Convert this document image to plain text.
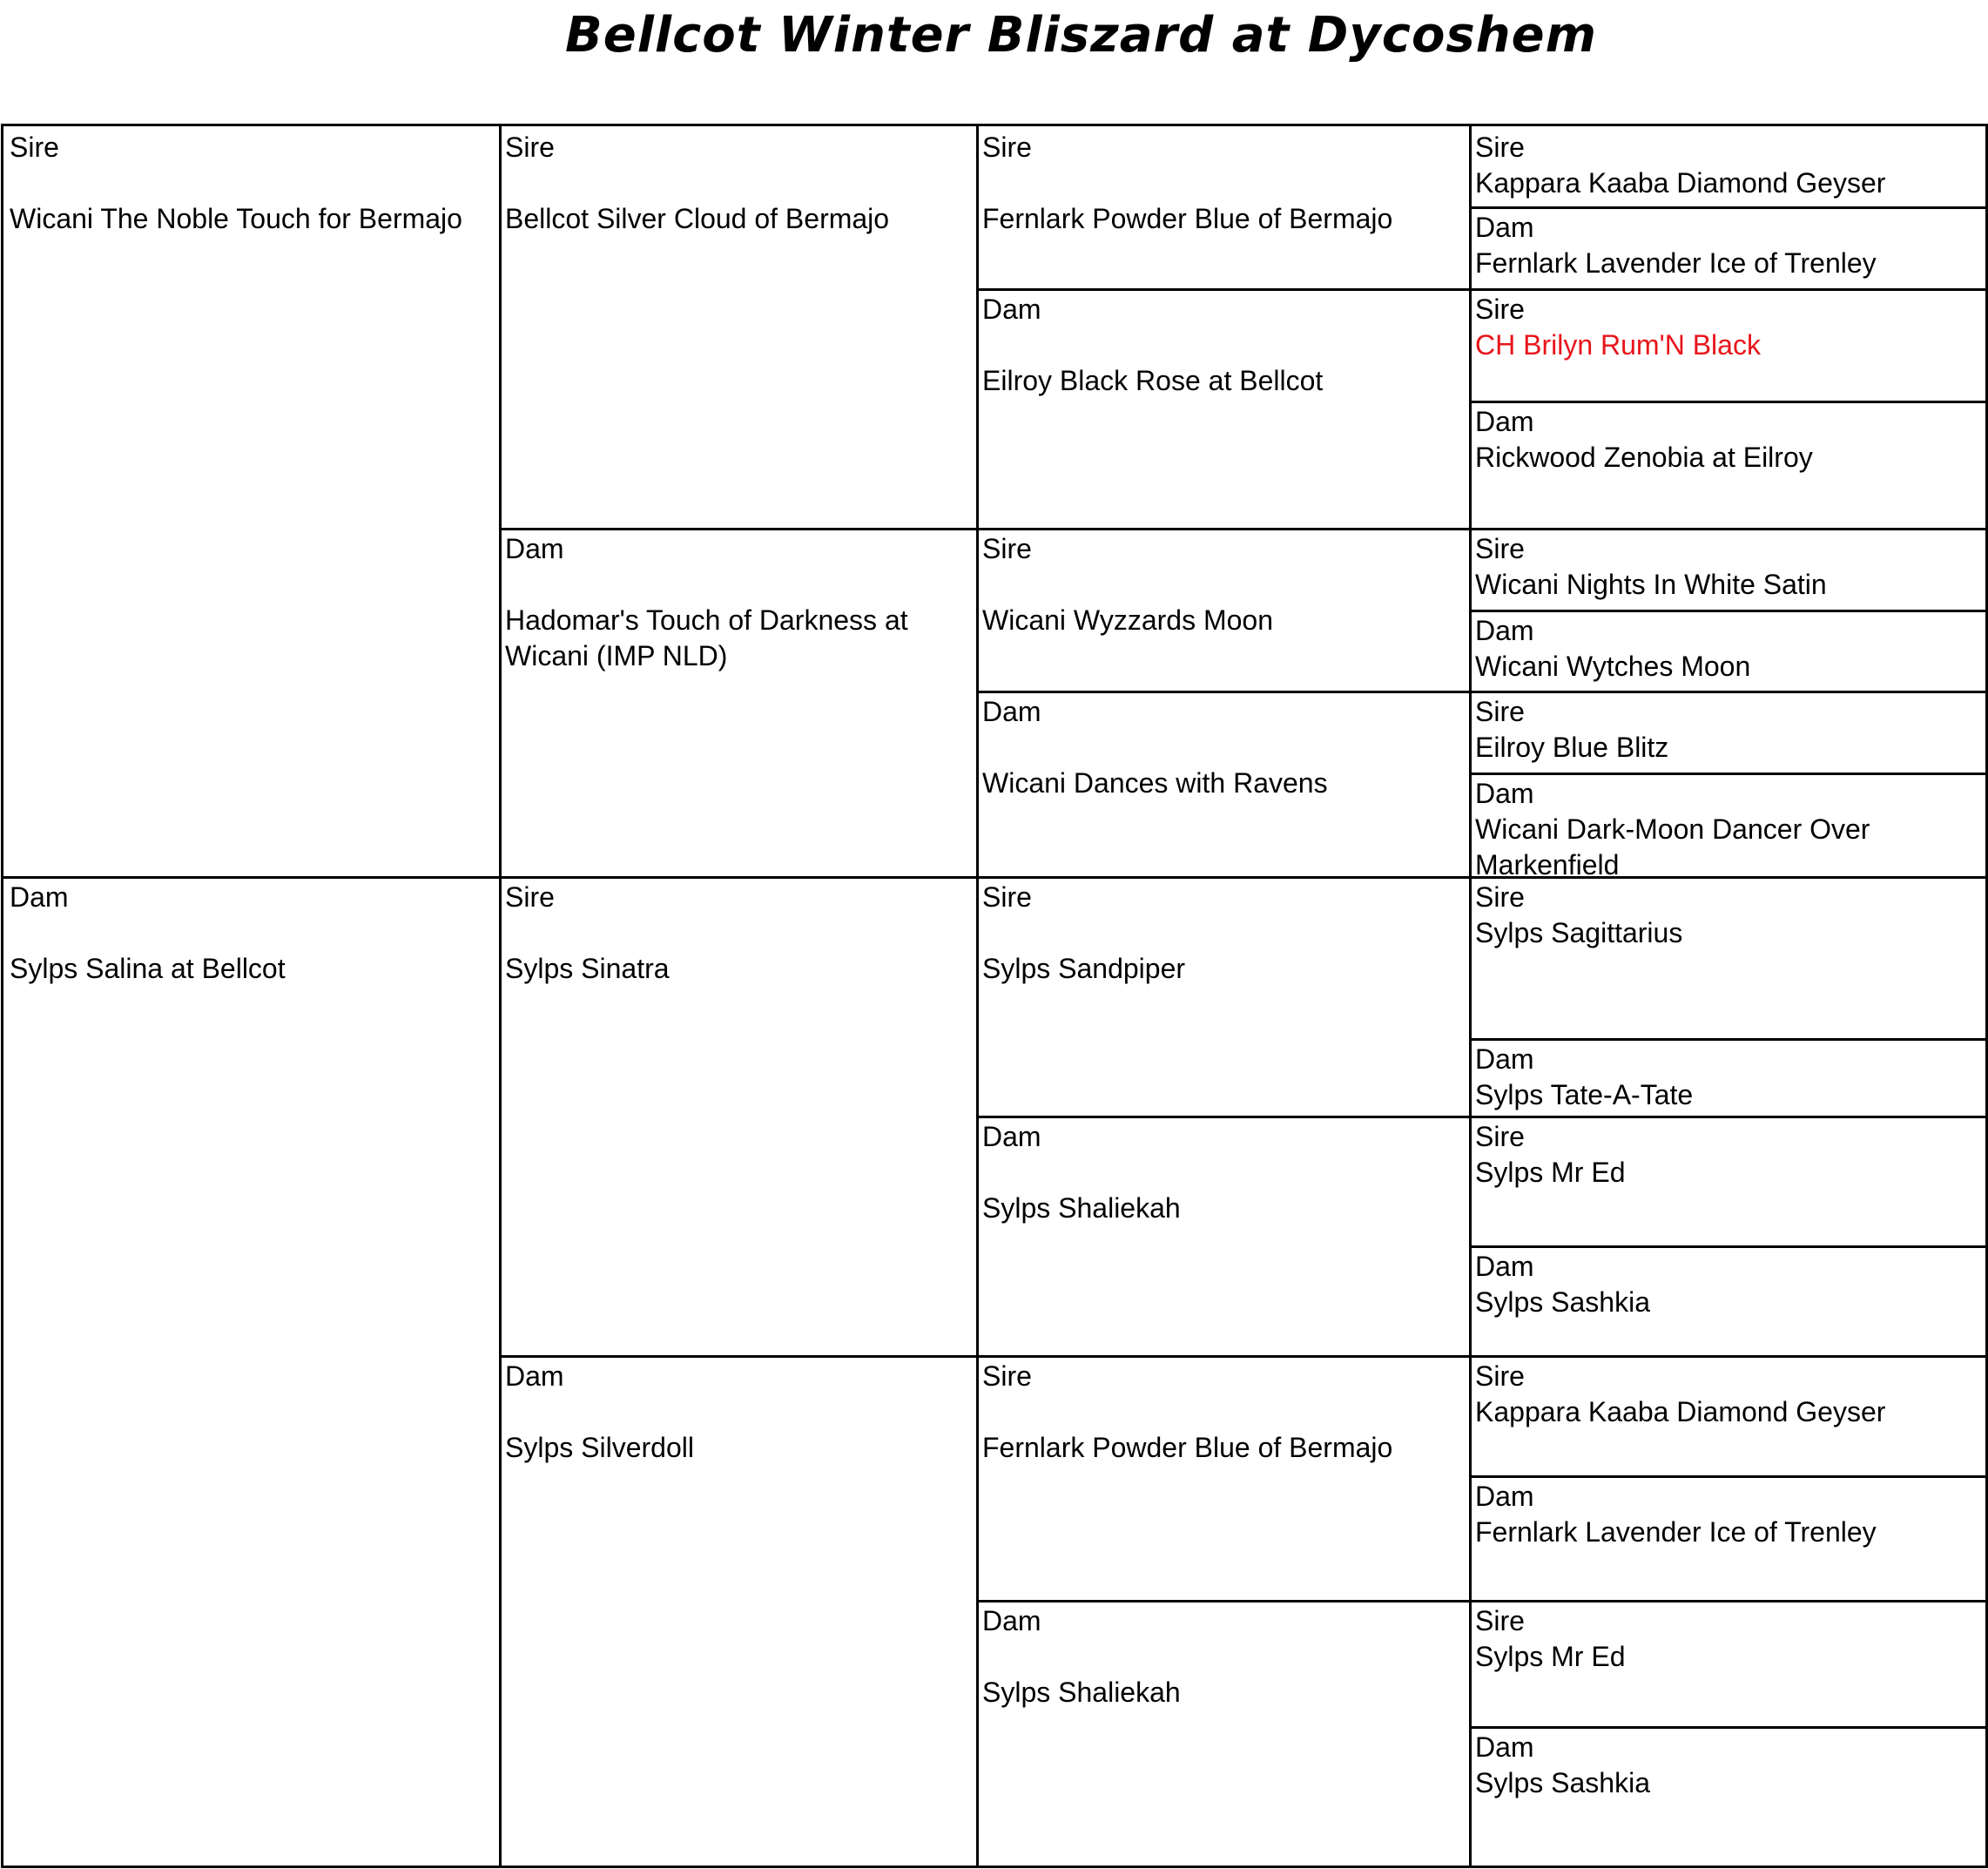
Bellcot Winter Bliszard at Dycoshem
Sire
Wicani The Noble Touch for Bermajo
Dam
Sylps Salina at Bellcot
Sire
Bellcot Silver Cloud of Bermajo
Dam
Hadomar's Touch of Darkness at Wicani (IMP NLD)
Sire
Sylps Sinatra
Dam
Sylps Silverdoll
Sire
Fernlark Powder Blue of Bermajo
Dam
Eilroy Black Rose at Bellcot
Sire
Wicani Wyzzards Moon
Dam
Wicani Dances with Ravens
Sire
Sylps Sandpiper
Dam
Sylps Shaliekah
Sire
Fernlark Powder Blue of Bermajo
Dam
Sylps Shaliekah
Sire
Kappara Kaaba Diamond Geyser
Dam
Fernlark Lavender Ice of Trenley
Sire
CH Brilyn Rum'N Black
Dam
Rickwood Zenobia at Eilroy
Sire
Wicani Nights In White Satin
Dam
Wicani Wytches Moon
Sire
Eilroy Blue Blitz
Dam
Wicani Dark-Moon Dancer Over Markenfield
Sire
Sylps Sagittarius
Dam
Sylps Tate-A-Tate
Sire
Sylps Mr Ed
Dam
Sylps Sashkia
Sire
Kappara Kaaba Diamond Geyser
Dam
Fernlark Lavender Ice of Trenley
Sire
Sylps Mr Ed
Dam
Sylps Sashkia
